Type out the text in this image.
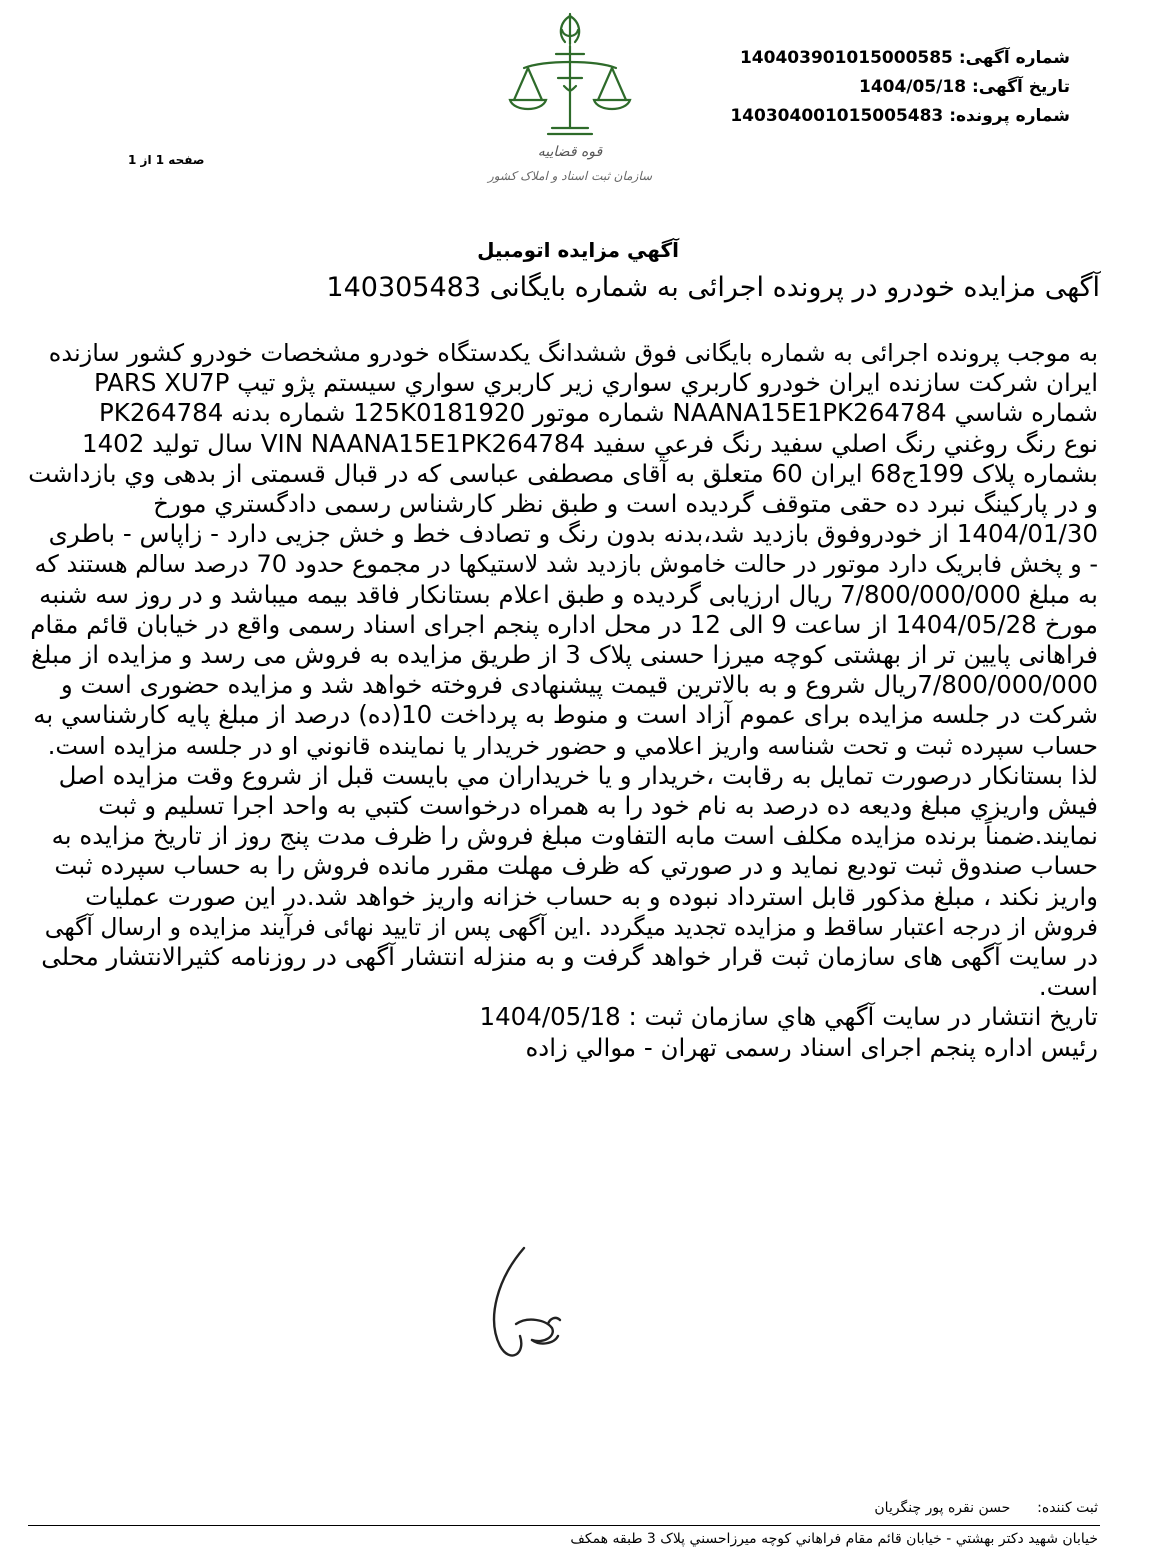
قوه قضاییه
سازمان ثبت اسناد و املاک کشور
شماره آگهی: 140403901015000585
تاریخ آگهی: 1404/05/18
شماره پرونده: 140304001015005483
صفحه 1 از 1
آگهي مزايده اتومبيل
آگهی مزایده خودرو در پرونده اجرائی به شماره بایگانی 140305483
به موجب پرونده اجرائی به شماره بایگانی فوق ششدانگ یکدستگاه خودرو مشخصات خودرو کشور سازنده
ایران شرکت سازنده ایران خودرو کاربري سواري زیر کاربري سواري سيستم پژو تيپ PARS XU7P
شماره شاسي NAANA15E1PK264784 شماره موتور 125K0181920 شماره بدنه PK264784
نوع رنگ روغني رنگ اصلي سفيد رنگ فرعي سفيد VIN NAANA15E1PK264784 سال توليد 1402
بشماره پلاک 199ج68 ایران 60 متعلق به آقای مصطفی عباسی که در قبال قسمتی از بدهی وي بازداشت
و در پارکینگ نبرد ده حقی متوقف گردیده است و طبق نظر کارشناس رسمی دادگستري مورخ
1404/01/30 از خودروفوق بازدید شد،بدنه بدون رنگ و تصادف خط و خش جزیی دارد - زاپاس - باطری
- و پخش فابریک دارد موتور در حالت خاموش بازدید شد لاستیکها در مجموع حدود 70 درصد سالم هستند که
به مبلغ 7/800/000/000 ریال ارزیابی گردیده و طبق اعلام بستانکار فاقد بیمه میباشد و در روز سه شنبه
مورخ 1404/05/28 از ساعت 9 الی 12 در محل اداره پنجم اجرای اسناد رسمی واقع در خیابان قائم مقام
فراهانی پایین تر از بهشتی کوچه میرزا حسنی پلاک 3 از طریق مزایده به فروش می رسد و مزایده از مبلغ
7/800/000/000ریال شروع و به بالاترین قیمت پیشنهادی فروخته خواهد شد و مزایده حضوری است و
شرکت در جلسه مزایده برای عموم آزاد است و منوط به پرداخت 10(ده) درصد از مبلغ پایه کارشناسي به
حساب سپرده ثبت و تحت شناسه واریز اعلامي و حضور خریدار یا نماینده قانوني او در جلسه مزایده است.
لذا بستانکار درصورت تمایل به رقابت ،خریدار و یا خریداران مي بایست قبل از شروع وقت مزایده اصل
فیش واریزي مبلغ ودیعه ده درصد به نام خود را به همراه درخواست کتبي به واحد اجرا تسلیم و ثبت
نمایند.ضمناً برنده مزایده مکلف است مابه التفاوت مبلغ فروش را ظرف مدت پنج روز از تاریخ مزایده به
حساب صندوق ثبت تودیع نماید و در صورتي که ظرف مهلت مقرر مانده فروش را به حساب سپرده ثبت
واریز نکند ، مبلغ مذکور قابل استرداد نبوده و به حساب خزانه واریز خواهد شد.در این صورت عملیات
فروش از درجه اعتبار ساقط و مزایده تجدید میگردد .این آگهی پس از تایید نهائی فرآیند مزایده و ارسال آگهی
در سایت آگهی های سازمان ثبت قرار خواهد گرفت و به منزله انتشار آگهی در روزنامه کثیرالانتشار محلی
است.
تاریخ انتشار در سایت آگهي هاي سازمان ثبت : 1404/05/18
رئیس اداره پنجم اجرای اسناد رسمی تهران - موالي زاده
ثبت کننده:  حسن نقره پور چنگریان
خیابان شهید دکتر بهشتي - خیابان قائم مقام فراهاني کوچه میرزاحسني پلاک 3 طبقه همکف
